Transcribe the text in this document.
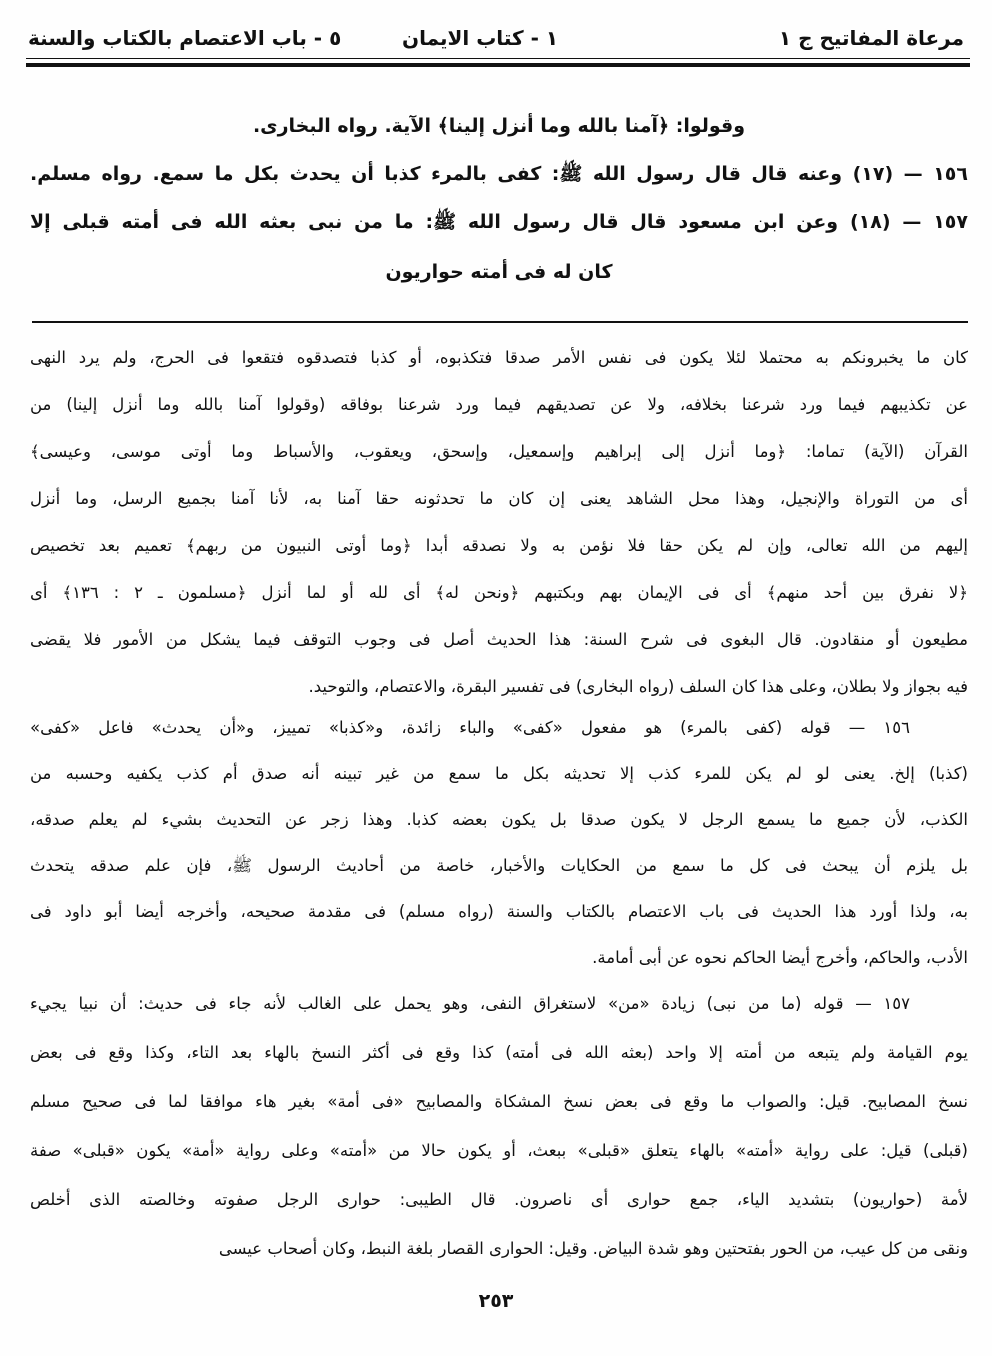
مرعاة المفاتيح ج ١
١ - كتاب الايمان
٥ - باب الاعتصام بالكتاب والسنة
وقولوا: ﴿آمنا بالله وما أنزل إلينا﴾ الآية. رواه البخارى.
١٥٦ — (١٧) وعنه قال قال رسول الله ﷺ: كفى بالمرء كذبا أن يحدث بكل ما سمع. رواه مسلم.
١٥٧ — (١٨) وعن ابن مسعود قال قال رسول الله ﷺ: ما من نبى بعثه الله فى أمته قبلى إلا
كان له فى أمته حواريون
كان ما يخبرونكم به محتملا لئلا يكون فى نفس الأمر صدقا فتكذبوه، أو كذبا فتصدقوه فتقعوا فى الحرج، ولم يرد النهى
عن تكذيبهم فيما ورد شرعنا بخلافه، ولا عن تصديقهم فيما ورد شرعنا بوفاقه (وقولوا آمنا بالله وما أنزل إلينا) من
القرآن (الآية) تماما: ﴿وما أنزل إلى إبراهيم وإسمعيل، وإسحق، ويعقوب، والأسباط وما أوتى موسى، وعيسى﴾
أى من التوراة والإنجيل، وهذا محل الشاهد يعنى إن كان ما تحدثونه حقا آمنا به، لأنا آمنا بجميع الرسل، وما أنزل
إليهم من الله تعالى، وإن لم يكن حقا فلا نؤمن به ولا نصدقه أبدا ﴿وما أوتى النبيون من ربهم﴾ تعميم بعد تخصيص
﴿لا نفرق بين أحد منهم﴾ أى فى الإيمان بهم وبكتبهم ﴿ونحن له﴾ أى لله أو لما أنزل ﴿مسلمون ـ ٢ : ١٣٦﴾ أى
مطيعون أو منقادون. قال البغوى فى شرح السنة: هذا الحديث أصل فى وجوب التوقف فيما يشكل من الأمور فلا يقضى
فيه بجواز ولا بطلان، وعلى هذا كان السلف (رواه البخارى) فى تفسير البقرة، والاعتصام، والتوحيد.
١٥٦ — قوله (كفى بالمرء) هو مفعول «كفى» والباء زائدة، و«كذبا» تمييز، و«أن يحدث» فاعل «كفى»
(كذبا) إلخ. يعنى لو لم يكن للمرء كذب إلا تحديثه بكل ما سمع من غير تبينه أنه صدق أم كذب يكفيه وحسبه من
الكذب، لأن جميع ما يسمع الرجل لا يكون صدقا بل يكون بعضه كذبا. وهذا زجر عن التحديث بشيء لم يعلم صدقه،
بل يلزم أن يبحث فى كل ما سمع من الحكايات والأخبار، خاصة من أحاديث الرسول ﷺ، فإن علم صدقه يتحدث
به، ولذا أورد هذا الحديث فى باب الاعتصام بالكتاب والسنة (رواه مسلم) فى مقدمة صحيحه، وأخرجه أيضا أبو داود فى
الأدب، والحاكم، وأخرج أيضا الحاكم نحوه عن أبى أمامة.
١٥٧ — قوله (ما من نبى) زيادة «من» لاستغراق النفى، وهو يحمل على الغالب لأنه جاء فى حديث: أن نبيا يجيء
يوم القيامة ولم يتبعه من أمته إلا واحد (بعثه الله فى أمته) كذا وقع فى أكثر النسخ بالهاء بعد التاء، وكذا وقع فى بعض
نسخ المصابيح. قيل: والصواب ما وقع فى بعض نسخ المشكاة والمصابيح «فى أمة» بغير هاء موافقا لما فى صحيح مسلم
(قبلى) قيل: على رواية «أمته» بالهاء يتعلق «قبلى» ببعث، أو يكون حالا من «أمته» وعلى رواية «أمة» يكون «قبلى» صفة
لأمة (حواريون) بتشديد الياء، جمع حوارى أى ناصرون. قال الطيبى: حوارى الرجل صفوته وخالصته الذى أخلص
ونقى من كل عيب، من الحور بفتحتين وهو شدة البياض. وقيل: الحوارى القصار بلغة النبط، وكان أصحاب عيسى
٢٥٣
